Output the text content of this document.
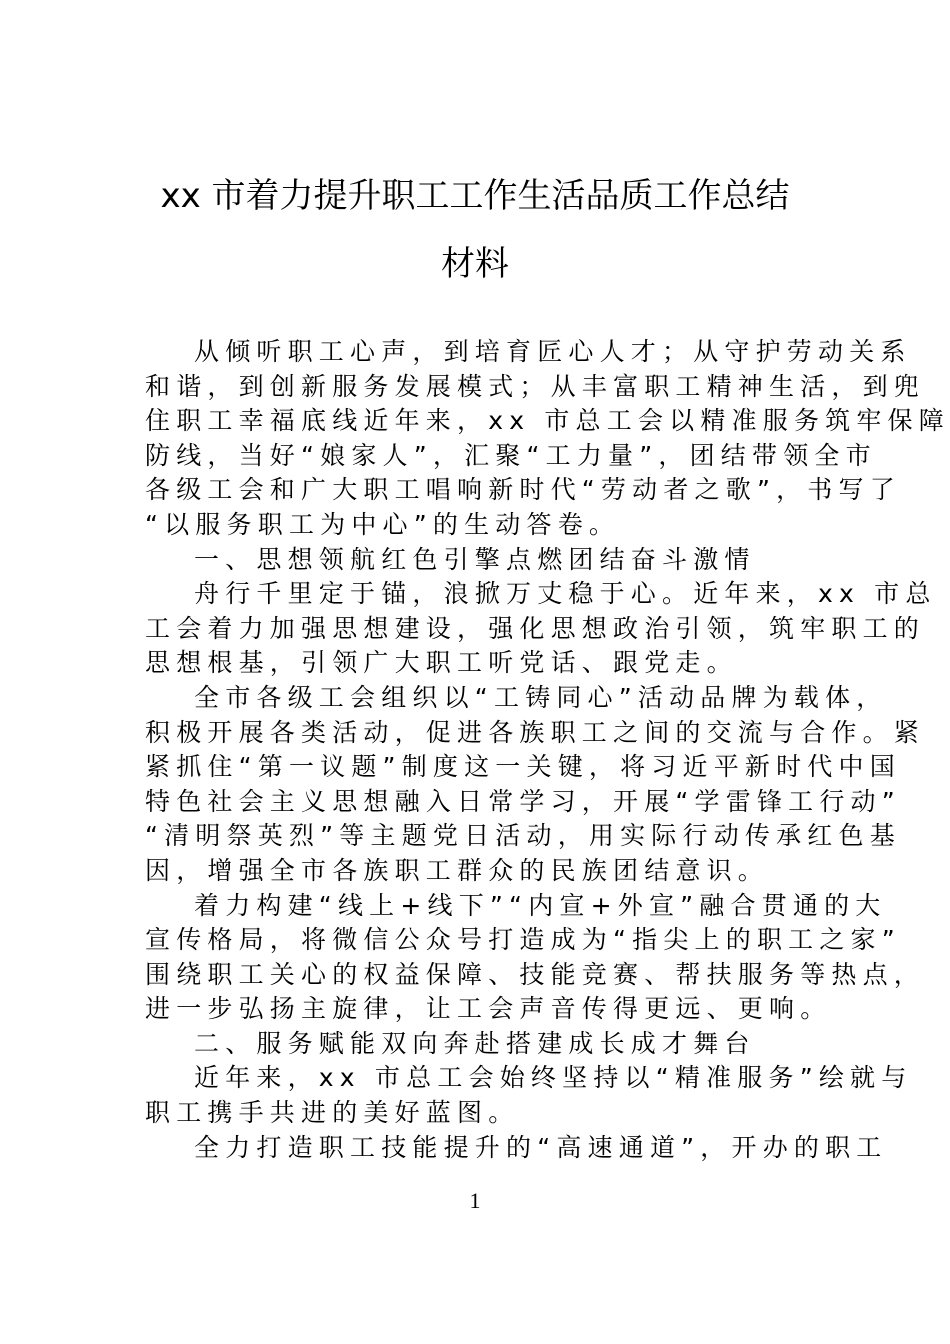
xx 市着力提升职工工作生活品质工作总结
材料
从倾听职工心声，到培育匠心人才；从守护劳动关系
和谐，到创新服务发展模式；从丰富职工精神生活，到兜
住职工幸福底线近年来，xx 市总工会以精准服务筑牢保障
防线，当好“娘家人”，汇聚“工力量”，团结带领全市
各级工会和广大职工唱响新时代“劳动者之歌”，书写了
“以服务职工为中心”的生动答卷。
一、思想领航红色引擎点燃团结奋斗激情
舟行千里定于锚，浪掀万丈稳于心。近年来，xx 市总
工会着力加强思想建设，强化思想政治引领，筑牢职工的
思想根基，引领广大职工听党话、跟党走。
全市各级工会组织以“工铸同心”活动品牌为载体，
积极开展各类活动，促进各族职工之间的交流与合作。紧
紧抓住“第一议题”制度这一关键，将习近平新时代中国
特色社会主义思想融入日常学习，开展“学雷锋工行动”
“清明祭英烈”等主题党日活动，用实际行动传承红色基
因，增强全市各族职工群众的民族团结意识。
着力构建“线上+线下”“内宣+外宣”融合贯通的大
宣传格局，将微信公众号打造成为“指尖上的职工之家”
围绕职工关心的权益保障、技能竞赛、帮扶服务等热点，
进一步弘扬主旋律，让工会声音传得更远、更响。
二、服务赋能双向奔赴搭建成长成才舞台
近年来，xx 市总工会始终坚持以“精准服务”绘就与
职工携手共进的美好蓝图。
全力打造职工技能提升的“高速通道”，开办的职工
1
